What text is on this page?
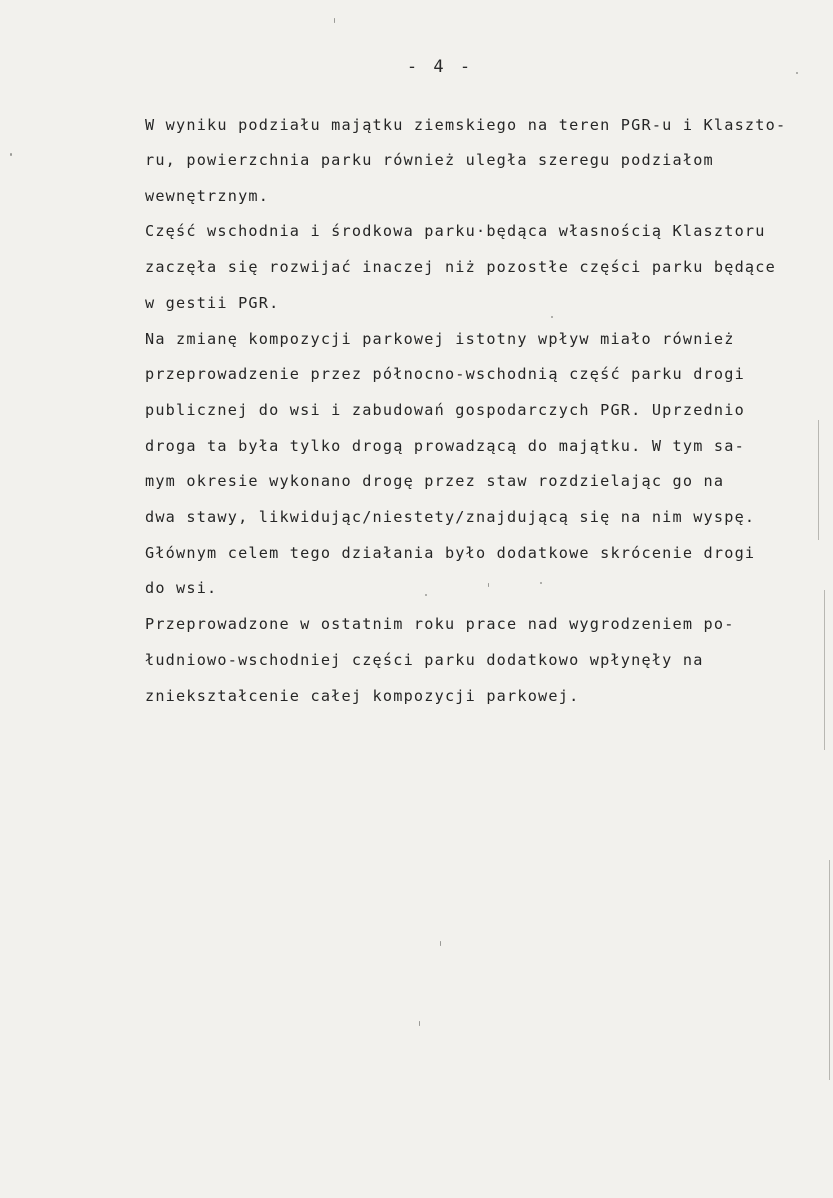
- 4 -
W wyniku podziału majątku ziemskiego na teren PGR-u i Klaszto-
ru, powierzchnia parku również uległa szeregu podziałom
wewnętrznym.
Część wschodnia i środkowa parku·będąca własnością Klasztoru
zaczęła się rozwijać inaczej niż pozostłe części parku będące
w gestii PGR.
Na zmianę kompozycji parkowej istotny wpływ miało również
przeprowadzenie przez północno-wschodnią część parku drogi
publicznej do wsi i zabudowań gospodarczych PGR. Uprzednio
droga ta była tylko drogą prowadzącą do majątku. W tym sa-
mym okresie wykonano drogę przez staw rozdzielając go na
dwa stawy, likwidując/niestety/znajdującą się na nim wyspę.
Głównym celem tego działania było dodatkowe skrócenie drogi
do wsi.
Przeprowadzone w ostatnim roku prace nad wygrodzeniem po-
łudniowo-wschodniej części parku dodatkowo wpłynęły na
zniekształcenie całej kompozycji parkowej.
